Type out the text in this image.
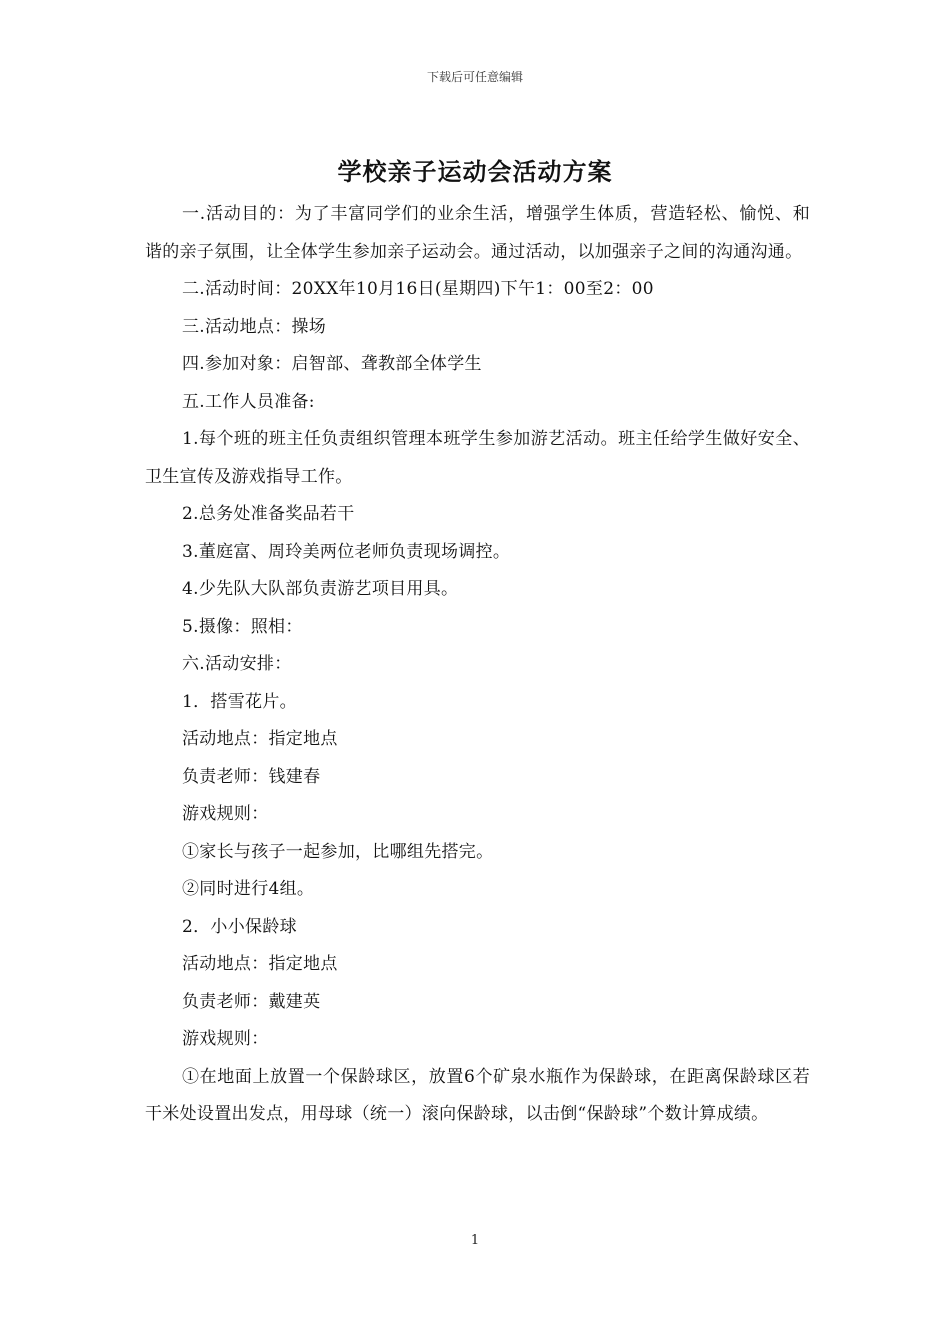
下载后可任意编辑
学校亲子运动会活动方案

一.活动目的：为了丰富同学们的业余生活，增强学生体质，营造轻松、愉悦、和谐的亲子氛围，让全体学生参加亲子运动会。通过活动，以加强亲子之间的沟通沟通。

二.活动时间：20XX年10月16日(星期四)下午1：00至2：00

三.活动地点：操场

四.参加对象：启智部、聋教部全体学生

五.工作人员准备:

1.每个班的班主任负责组织管理本班学生参加游艺活动。班主任给学生做好安全、卫生宣传及游戏指导工作。

2.总务处准备奖品若干

3.董庭富、周玲美两位老师负责现场调控。

4.少先队大队部负责游艺项目用具。

5.摄像：照相：

六.活动安排：

1．搭雪花片。

活动地点：指定地点

负责老师：钱建春

游戏规则：

①家长与孩子一起参加，比哪组先搭完。

②同时进行4组。

2．小小保龄球

活动地点：指定地点

负责老师：戴建英

游戏规则：

①在地面上放置一个保龄球区，放置6个矿泉水瓶作为保龄球，在距离保龄球区若干米处设置出发点，用母球（统一）滚向保龄球，以击倒“保龄球”个数计算成绩。

1
